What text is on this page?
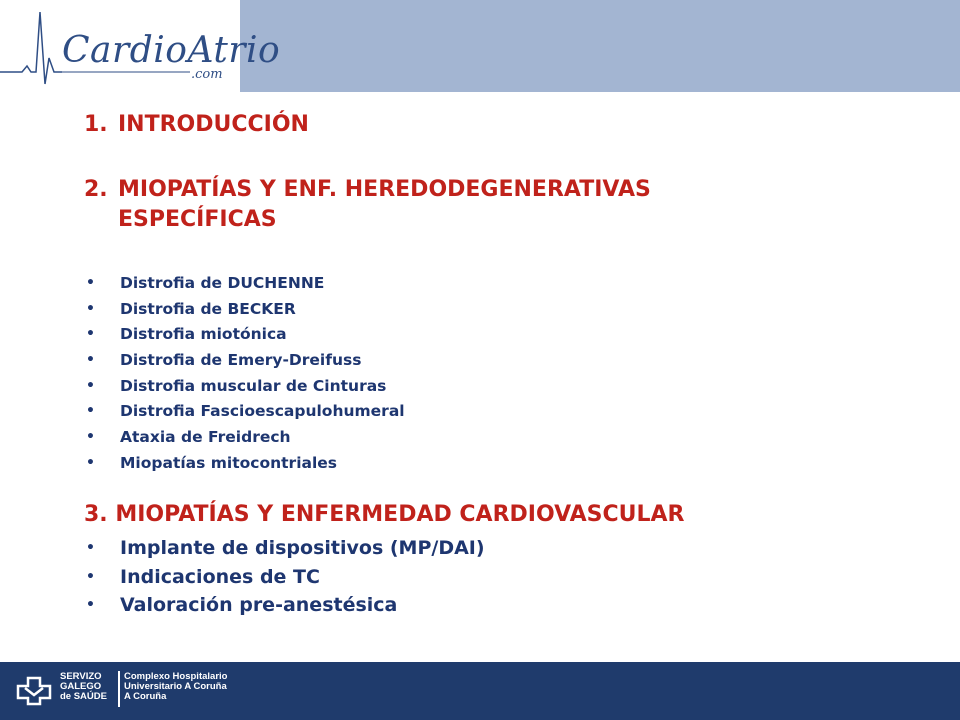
CardioAtrio
.com
1. INTRODUCCIÓN
2. MIOPATÍAS Y ENF. HEREDODEGENERATIVAS
ESPECÍFICAS
• Distrofia de DUCHENNE
• Distrofia de BECKER
• Distrofia miotónica
• Distrofia de Emery-Dreifuss
• Distrofia muscular de Cinturas
• Distrofia Fascioescapulohumeral
• Ataxia de Freidrech
• Miopatías mitocontriales
3. MIOPATÍAS Y ENFERMEDAD CARDIOVASCULAR
• Implante de dispositivos (MP/DAI)
• Indicaciones de TC
• Valoración pre-anestésica
SERVIZO
GALEGO
de SAÚDE
Complexo Hospitalario
Universitario A Coruña
A Coruña
